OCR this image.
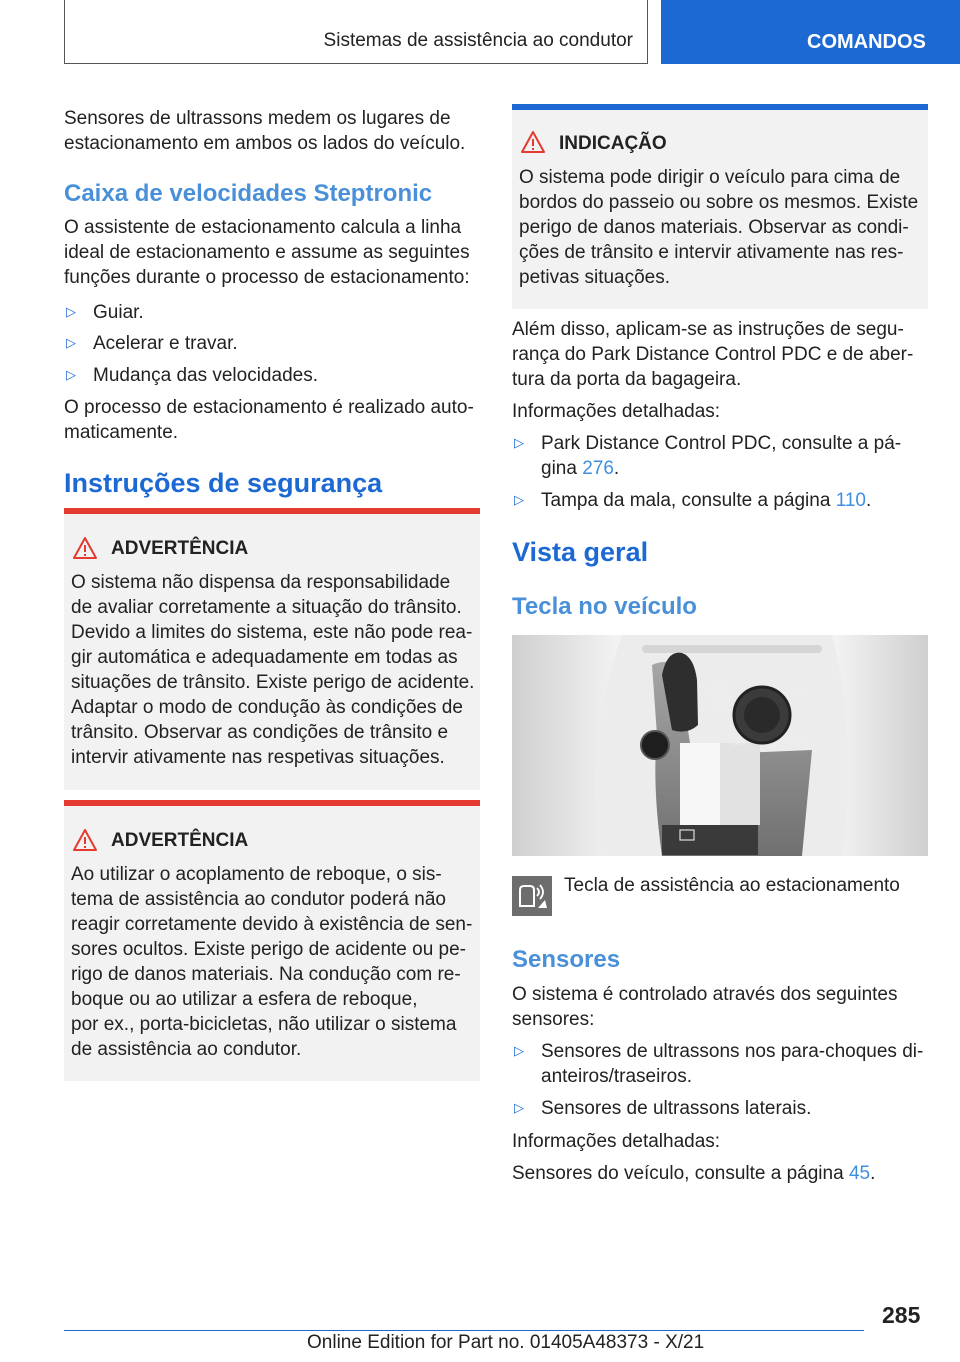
Sistemas de assistência ao condutor	COMANDOS
Sensores de ultrassons medem os lugares de
estacionamento em ambos os lados do veículo.
Caixa de velocidades Steptronic
O assistente de estacionamento calcula a linha
ideal de estacionamento e assume as seguintes
funções durante o processo de estacionamento:
▷ Guiar.
▷ Acelerar e travar.
▷ Mudança das velocidades.
O processo de estacionamento é realizado auto‐
maticamente.
Instruções de segurança
ADVERTÊNCIA
O sistema não dispensa da responsabilidade
de avaliar corretamente a situação do trânsito.
Devido a limites do sistema, este não pode rea‐
gir automática e adequadamente em todas as
situações de trânsito. Existe perigo de acidente.
Adaptar o modo de condução às condições de
trânsito. Observar as condições de trânsito e
intervir ativamente nas respetivas situações.
ADVERTÊNCIA
Ao utilizar o acoplamento de reboque, o sis‐
tema de assistência ao condutor poderá não
reagir corretamente devido à existência de sen‐
sores ocultos. Existe perigo de acidente ou pe‐
rigo de danos materiais. Na condução com re‐
boque ou ao utilizar a esfera de reboque,
por ex., porta-bicicletas, não utilizar o sistema
de assistência ao condutor.
INDICAÇÃO
O sistema pode dirigir o veículo para cima de
bordos do passeio ou sobre os mesmos. Existe
perigo de danos materiais. Observar as condi‐
ções de trânsito e intervir ativamente nas res‐
petivas situações.
Além disso, aplicam-se as instruções de segu‐
rança do Park Distance Control PDC e de aber‐
tura da porta da bagageira.
Informações detalhadas:
▷ Park Distance Control PDC, consulte a pá‐
gina 276.
▷ Tampa da mala, consulte a página 110.
Vista geral
Tecla no veículo
MEDIA
COM
NAV
BACK	OPTION
Tecla de assistência ao estacionamento
Sensores
O sistema é controlado através dos seguintes
sensores:
▷ Sensores de ultrassons nos para-choques di‐
anteiros/traseiros.
▷ Sensores de ultrassons laterais.
Informações detalhadas:
Sensores do veículo, consulte a página 45.
285
Online Edition for Part no. 01405A48373 - X/21
